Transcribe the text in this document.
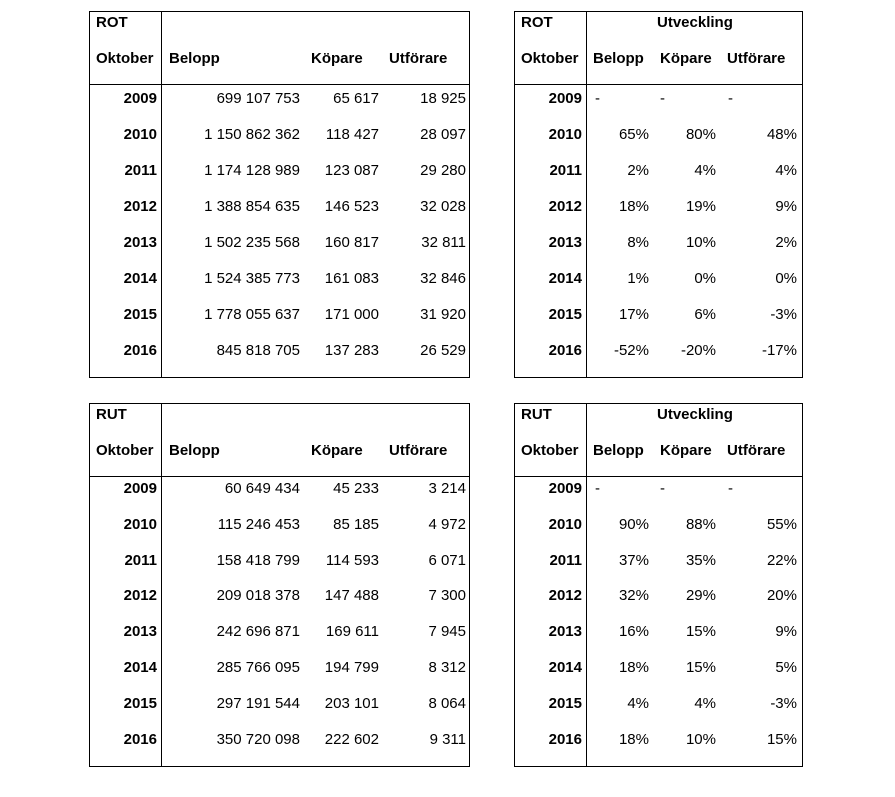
ROT
Oktober Belopp	Köpare Utförare
2009	699 107 753	65 617	18 925
2010	1 150 862 362	118 427	28 097
2011	1 174 128 989	123 087	29 280
2012	1 388 854 635	146 523	32 028
2013	1 502 235 568	160 817	32 811
2014	1 524 385 773	161 083	32 846
2015	1 778 055 637	171 000	31 920
2016	845 818 705	137 283	26 529
ROT	Utveckling
Oktober Belopp Köpare Utförare
2009 -	-	-
2010	65%	80%	48%
2011	2%	4%	4%
2012	18%	19%	9%
2013	8%	10%	2%
2014	1%	0%	0%
2015	17%	6%	-3%
2016	-52%	-20%	-17%
RUT
Oktober Belopp	Köpare Utförare
2009	60 649 434	45 233	3 214
2010	115 246 453	85 185	4 972
2011	158 418 799	114 593	6 071
2012	209 018 378	147 488	7 300
2013	242 696 871	169 611	7 945
2014	285 766 095	194 799	8 312
2015	297 191 544	203 101	8 064
2016	350 720 098	222 602	9 311
RUT	Utveckling
Oktober Belopp Köpare Utförare
2009 -	-	-
2010	90%	88%	55%
2011	37%	35%	22%
2012	32%	29%	20%
2013	16%	15%	9%
2014	18%	15%	5%
2015	4%	4%	-3%
2016	18%	10%	15%
